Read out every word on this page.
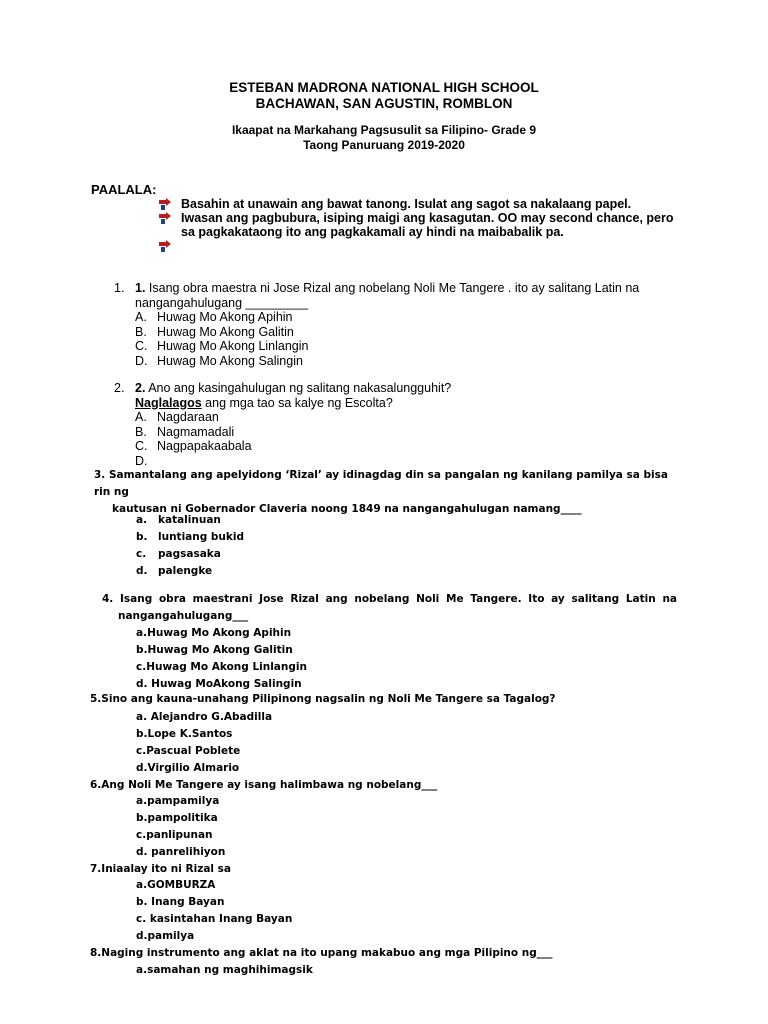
ESTEBAN MADRONA NATIONAL HIGH SCHOOL
BACHAWAN, SAN AGUSTIN, ROMBLON
Ikaapat na Markahang Pagsusulit sa Filipino- Grade 9
Taong Panuruang 2019-2020
PAALALA:
Basahin at unawain ang bawat tanong. Isulat ang sagot sa nakalaang papel.
Iwasan ang pagbubura, isiping maigi ang kasagutan. OO may second chance, pero sa pagkakataong ito ang pagkakamali ay hindi na maibabalik pa.
1. 1. Isang obra maestra ni Jose Rizal ang nobelang Noli Me Tangere . ito ay salitang Latin na nangangahulugang _________
A. Huwag Mo Akong Apihin
B. Huwag Mo Akong Galitin
C. Huwag Mo Akong Linlangin
D. Huwag Mo Akong Salingin
2. 2. Ano ang kasingahulugan ng salitang nakasalungguhit?
Naglalagos ang mga tao sa kalye ng Escolta?
A. Nagdaraan
B. Nagmamadali
C. Nagpapakaabala
D.
3. Samantalang ang apelyidong ‘Rizal’ ay idinagdag din sa pangalan ng kanilang pamilya sa bisa rin ng
kautusan ni Gobernador Claveria noong 1849 na nangangahulugan namang____
a. katalinuan
b. luntiang bukid
c. pagsasaka
d. palengke
4. Isang obra maestrani Jose Rizal ang nobelang Noli Me Tangere. Ito ay salitang Latin na
nangangahulugang___
a.Huwag Mo Akong Apihin
b.Huwag Mo Akong Galitin
c.Huwag Mo Akong Linlangin
d. Huwag MoAkong Salingin
5.Sino ang kauna-unahang Pilipinong nagsalin ng Noli Me Tangere sa Tagalog?
a. Alejandro G.Abadilla
b.Lope K.Santos
c.Pascual Poblete
d.Virgilio Almario
6.Ang Noli Me Tangere ay isang halimbawa ng nobelang___
a.pampamilya
b.pampolitika
c.panlipunan
d. panrelihiyon
7.Iniaalay ito ni Rizal sa
a.GOMBURZA
b. Inang Bayan
c. kasintahan Inang Bayan
d.pamilya
8.Naging instrumento ang aklat na ito upang makabuo ang mga Pilipino ng___
a.samahan ng maghihimagsik
